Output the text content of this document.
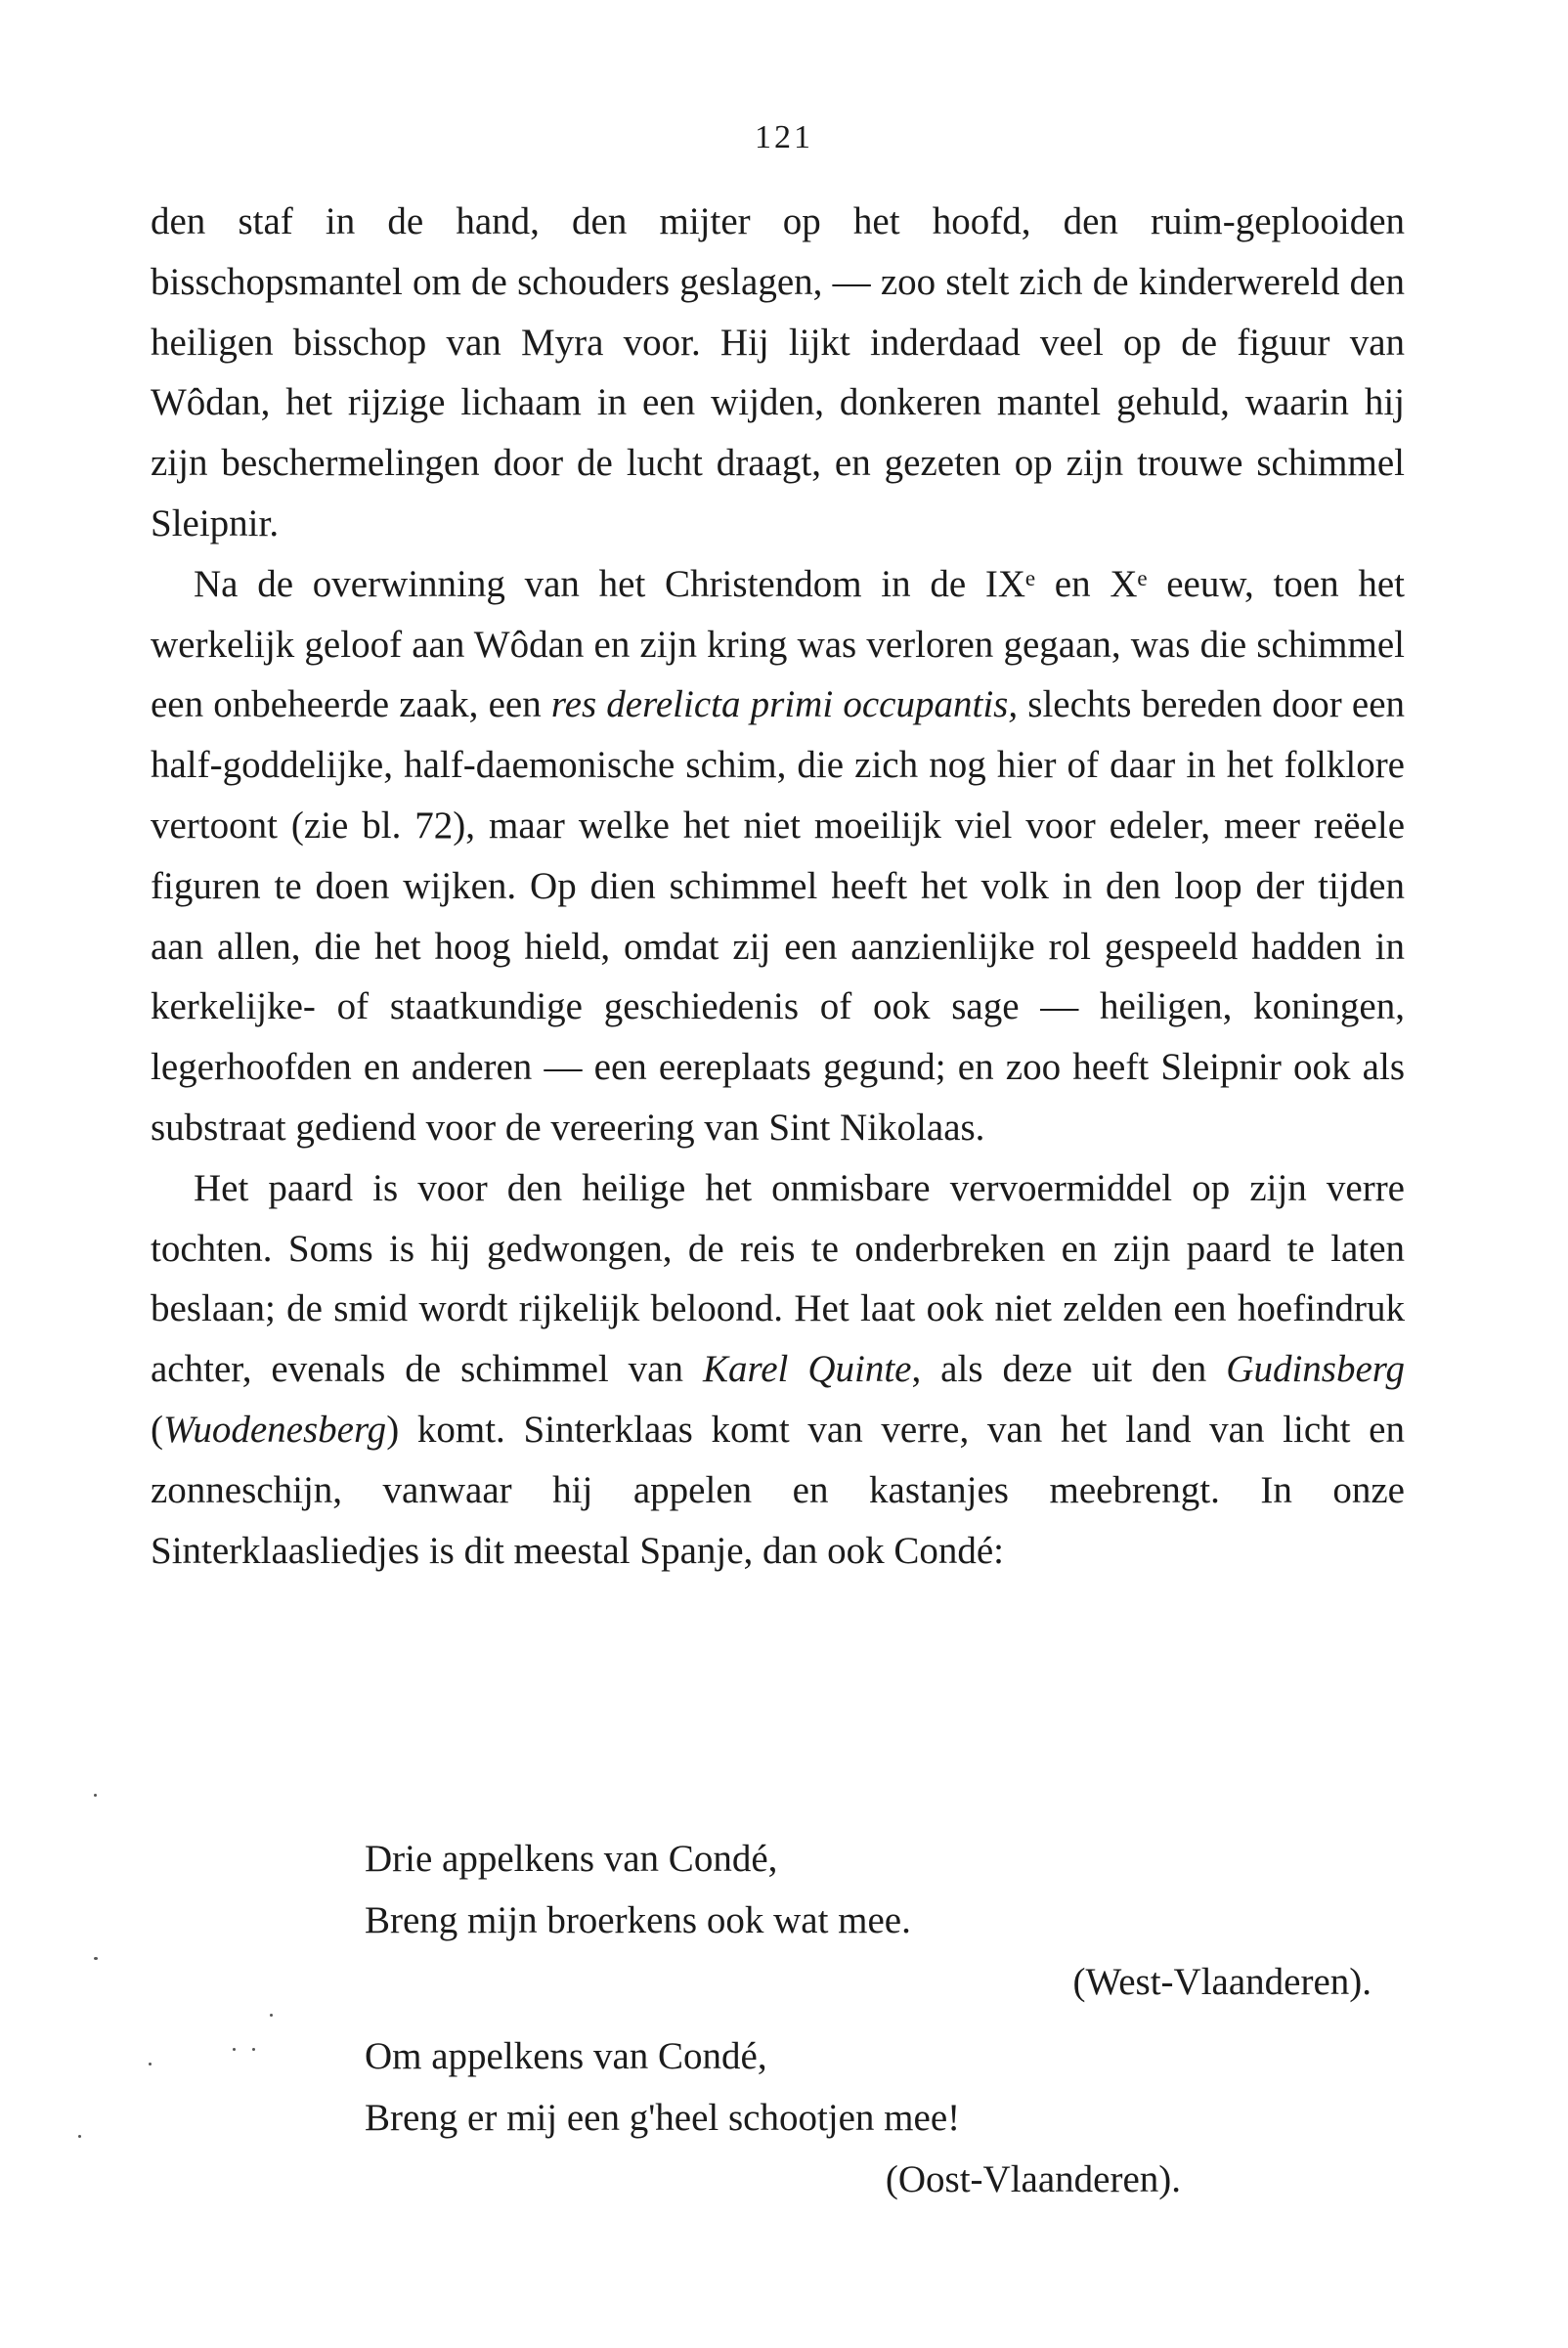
121

den staf in de hand, den mijter op het hoofd, den ruim-geplooiden bisschopsmantel om de schouders geslagen, — zoo stelt zich de kinderwereld den heiligen bisschop van Myra voor. Hij lijkt inderdaad veel op de figuur van Wôdan, het rijzige lichaam in een wijden, donkeren mantel gehuld, waarin hij zijn beschermelingen door de lucht draagt, en gezeten op zijn trouwe schimmel Sleipnir.

Na de overwinning van het Christendom in de IXᵉ en Xᵉ eeuw, toen het werkelijk geloof aan Wôdan en zijn kring was verloren gegaan, was die schimmel een onbeheerde zaak, een res derelicta primi occupantis, slechts bereden door een half-goddelijke, half-daemonische schim, die zich nog hier of daar in het folklore vertoont (zie bl. 72), maar welke het niet moeilijk viel voor edeler, meer reëele figuren te doen wijken. Op dien schimmel heeft het volk in den loop der tijden aan allen, die het hoog hield, omdat zij een aanzienlijke rol gespeeld hadden in kerkelijke- of staatkundige geschiedenis of ook sage — heiligen, koningen, legerhoofden en anderen — een eereplaats gegund; en zoo heeft Sleipnir ook als substraat gediend voor de vereering van Sint Nikolaas.

Het paard is voor den heilige het onmisbare vervoermiddel op zijn verre tochten. Soms is hij gedwongen, de reis te onderbreken en zijn paard te laten beslaan; de smid wordt rijkelijk beloond. Het laat ook niet zelden een hoefindruk achter, evenals de schimmel van Karel Quinte, als deze uit den Gudinsberg (Wuodenesberg) komt. Sinterklaas komt van verre, van het land van licht en zonneschijn, vanwaar hij appelen en kastanjes meebrengt. In onze Sinterklaasliedjes is dit meestal Spanje, dan ook Condé:

Drie appelkens van Condé,
Breng mijn broerkens ook wat mee.
(West-Vlaanderen).
Om appelkens van Condé,
Breng er mij een g'heel schootjen mee!
(Oost-Vlaanderen).
